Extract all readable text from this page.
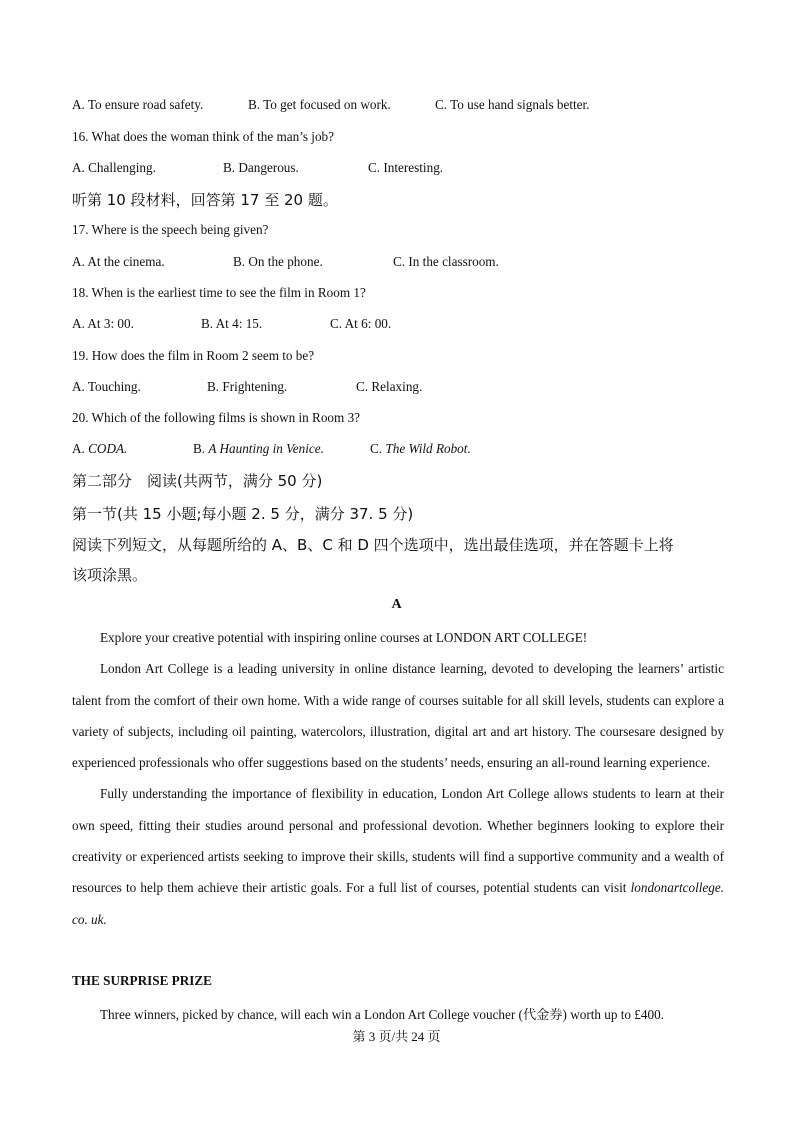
A. To ensure road safety.	B. To get focused on work.	C. To use hand signals better.
16. What does the woman think of the man’s job?
A. Challenging.	B. Dangerous.	C. Interesting.
听第 10 段材料，回答第 17 至 20 题。
17. Where is the speech being given?
A. At the cinema.	B. On the phone.	C. In the classroom.
18. When is the earliest time to see the film in Room 1?
A. At 3: 00.	B. At 4: 15.	C. At 6: 00.
19. How does the film in Room 2 seem to be?
A. Touching.	B. Frightening.	C. Relaxing.
20. Which of the following films is shown in Room 3?
A. CODA.	B. A Haunting in Venice.	C. The Wild Robot.
第二部分　阅读(共两节，满分 50 分)
第一节(共 15 小题;每小题 2. 5 分，满分 37. 5 分)
阅读下列短文，从每题所给的 A、B、C 和 D 四个选项中，选出最佳选项，并在答题卡上将
该项涂黑。
A

Explore your creative potential with inspiring online courses at LONDON ART COLLEGE!

London Art College is a leading university in online distance learning, devoted to developing the learners’ artistic talent from the comfort of their own home. With a wide range of courses suitable for all skill levels, students can explore a variety of subjects, including oil painting, watercolors, illustration, digital art and art history. The coursesare designed by experienced professionals who offer suggestions based on the students’ needs, ensuring an all-round learning experience.

Fully understanding the importance of flexibility in education, London Art College allows students to learn at their own speed, fitting their studies around personal and professional devotion. Whether beginners looking to explore their creativity or experienced artists seeking to improve their skills, students will find a supportive community and a wealth of resources to help them achieve their artistic goals. For a full list of courses, potential students can visit londonartcollege. co. uk.

THE SURPRISE PRIZE
Three winners, picked by chance, will each win a London Art College voucher (代金券) worth up to £400.
第 3 页/共 24 页
